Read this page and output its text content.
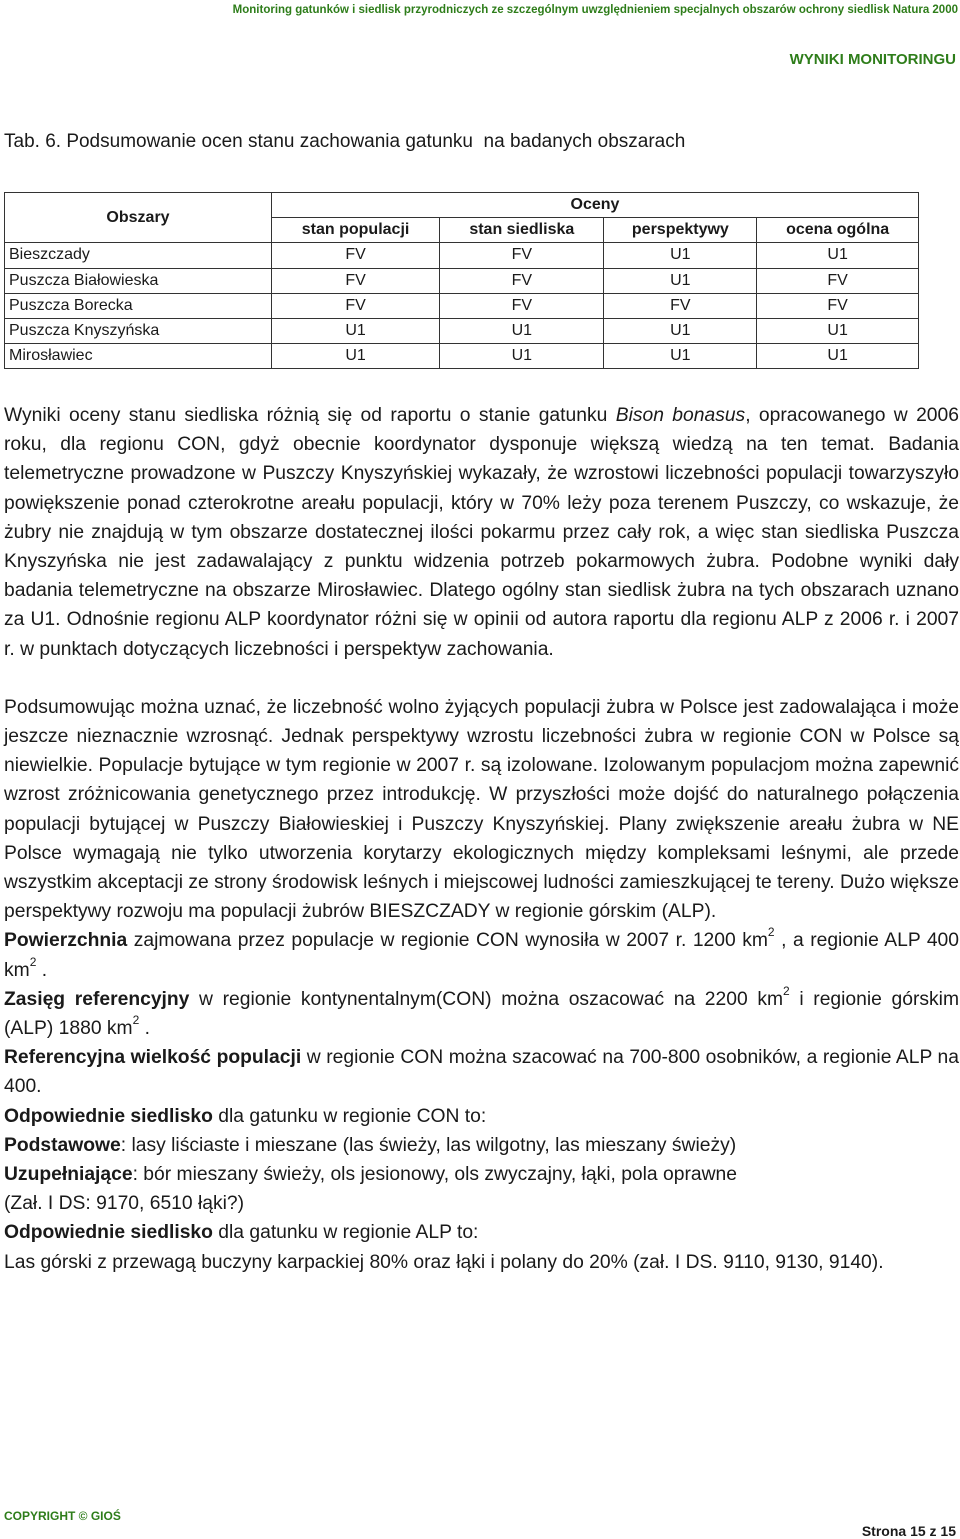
Monitoring gatunków i siedlisk przyrodniczych ze szczególnym uwzględnieniem specjalnych obszarów ochrony siedlisk Natura 2000
WYNIKI MONITORINGU
Tab. 6. Podsumowanie ocen stanu zachowania gatunku  na badanych obszarach
Obszary	Oceny			
	stan populacji	stan siedliska	perspektywy	ocena ogólna
Bieszczady	FV	FV	U1	U1
Puszcza Białowieska	FV	FV	U1	FV
Puszcza Borecka	FV	FV	FV	FV
Puszcza Knyszyńska	U1	U1	U1	U1
Mirosławiec	U1	U1	U1	U1

Wyniki oceny stanu siedliska różnią się od raportu o stanie gatunku Bison bonasus, opracowanego w 2006 roku, dla regionu CON, gdyż obecnie koordynator dysponuje większą wiedzą na ten temat. Badania telemetryczne prowadzone w Puszczy Knyszyńskiej wykazały, że wzrostowi liczebności populacji towarzyszyło powiększenie ponad czterokrotne areału populacji, który w 70% leży poza terenem Puszczy, co wskazuje, że żubry nie znajdują w tym obszarze dostatecznej ilości pokarmu przez cały rok, a więc stan siedliska Puszcza Knyszyńska nie jest zadawalający z punktu widzenia potrzeb pokarmowych żubra. Podobne wyniki dały badania telemetryczne na obszarze Mirosławiec. Dlatego ogólny stan siedlisk żubra na tych obszarach uznano za U1. Odnośnie regionu ALP koordynator różni się w opinii od autora raportu dla regionu ALP z 2006 r. i 2007 r. w punktach dotyczących liczebności i perspektyw zachowania.

Podsumowując można uznać, że liczebność wolno żyjących populacji żubra w Polsce jest zadowalająca i może jeszcze nieznacznie wzrosnąć. Jednak perspektywy wzrostu liczebności żubra w regionie CON w Polsce są niewielkie. Populacje bytujące w tym regionie w 2007 r. są izolowane. Izolowanym populacjom można zapewnić wzrost zróżnicowania genetycznego przez introdukcję. W przyszłości może dojść do naturalnego połączenia populacji bytującej w Puszczy Białowieskiej i Puszczy Knyszyńskiej. Plany zwiększenie areału żubra w NE Polsce wymagają nie tylko utworzenia korytarzy ekologicznych między kompleksami leśnymi, ale przede wszystkim akceptacji ze strony środowisk leśnych i miejscowej ludności zamieszkującej te tereny. Dużo większe perspektywy rozwoju ma populacji żubrów BIESZCZADY w regionie górskim (ALP).

Powierzchnia zajmowana przez populacje w regionie CON wynosiła w 2007 r. 1200 $km^2$ , a regionie ALP 400 $km^2$ .

Zasięg referencyjny w regionie kontynentalnym(CON) można oszacować na 2200 $km^2$ i regionie górskim (ALP) 1880 $km^2$ .

Referencyjna wielkość populacji w regionie CON można szacować na 700-800 osobników, a regionie ALP na 400.

Odpowiednie siedlisko dla gatunku w regionie CON to:

Podstawowe: lasy liściaste i mieszane (las świeży, las wilgotny, las mieszany świeży)

Uzupełniające: bór mieszany świeży, ols jesionowy, ols zwyczajny, łąki, pola oprawne

(Zał. I DS: 9170, 6510 łąki?)

Odpowiednie siedlisko dla gatunku w regionie ALP to:

Las górski z przewagą buczyny karpackiej 80% oraz łąki i polany do 20% (zał. I DS. 9110, 9130, 9140).

COPYRIGHT © GIOŚ
Strona 15 z 15
